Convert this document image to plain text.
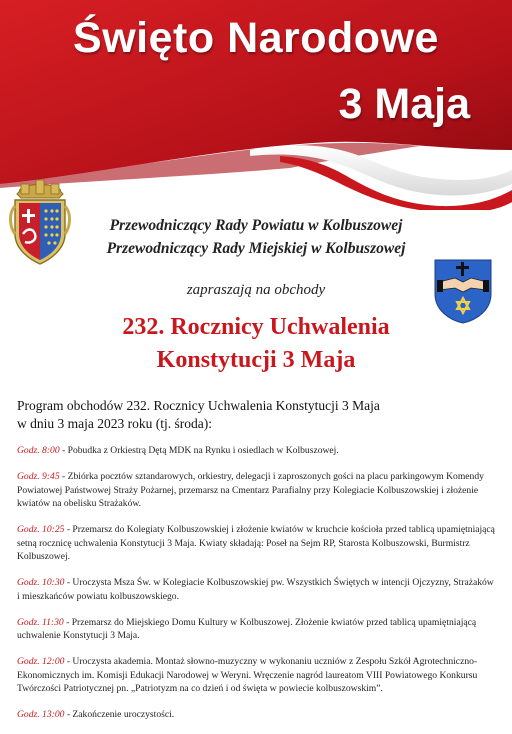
Święto Narodowe
3 Maja
Przewodniczący Rady Powiatu w Kolbuszowej
Przewodniczący Rady Miejskiej w Kolbuszowej
zapraszają na obchody
232. Rocznicy Uchwalenia
Konstytucji 3 Maja
Program obchodów 232. Rocznicy Uchwalenia Konstytucji 3 Maja
w dniu 3 maja 2023 roku (tj. środa):

Godz. 8:00 - Pobudka z Orkiestrą Dętą MDK na Rynku i osiedlach w Kolbuszowej.

Godz. 9:45 - Zbiórka pocztów sztandarowych, orkiestry, delegacji i zaproszonych gości na placu parkingowym Komendy Powiatowej Państwowej Straży Pożarnej, przemarsz na Cmentarz Parafialny przy Kolegiacie Kolbuszowskiej i złożenie kwiatów na obelisku Strażaków.

Godz. 10:25 - Przemarsz do Kolegiaty Kolbuszowskiej i złożenie kwiatów w kruchcie kościoła przed tablicą upamiętniającą setną rocznicę uchwalenia Konstytucji 3 Maja. Kwiaty składają: Poseł na Sejm RP, Starosta Kolbuszowski, Burmistrz Kolbuszowej.

Godz. 10:30 - Uroczysta Msza Św. w Kolegiacie Kolbuszowskiej pw. Wszystkich Świętych w intencji Ojczyzny, Strażaków i mieszkańców powiatu kolbuszowskiego.

Godz. 11:30 - Przemarsz do Miejskiego Domu Kultury w Kolbuszowej. Złożenie kwiatów przed tablicą upamiętniającą uchwalenie Konstytucji 3 Maja.

Godz. 12:00 - Uroczysta akademia. Montaż słowno-muzyczny w wykonaniu uczniów z Zespołu Szkół Agrotechniczno-Ekonomicznych im. Komisji Edukacji Narodowej w Weryni. Wręczenie nagród laureatom VIII Powiatowego Konkursu Twórczości Patriotycznej pn. „Patriotyzm na co dzień i od święta w powiecie kolbuszowskim”.

Godz. 13:00 - Zakończenie uroczystości.
